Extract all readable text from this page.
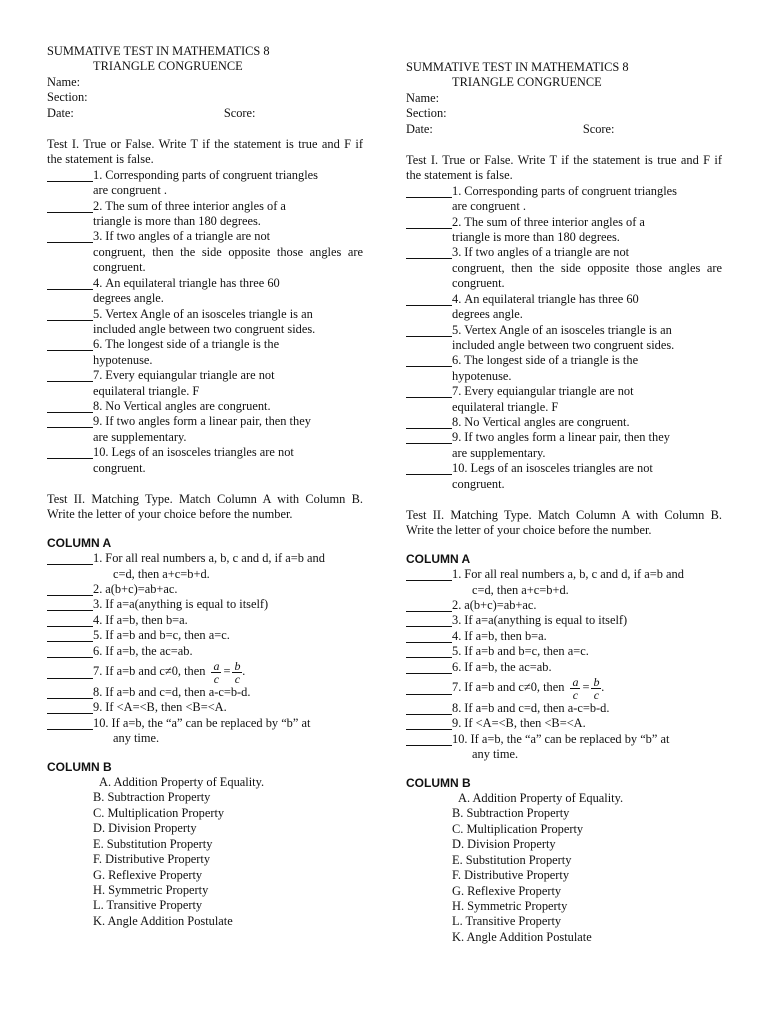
SUMMATIVE TEST IN MATHEMATICS 8
TRIANGLE CONGRUENCE
Name:
Section:
Date:	Score:
Test I. True or False. Write T if the statement is true and F if the statement is false.
1. Corresponding parts of congruent triangles
are congruent .
2. The sum of three interior angles of a
triangle is more than 180 degrees.
3. If two angles of a triangle are not
congruent, then the side opposite those angles are congruent.
4. An equilateral triangle has three 60
degrees angle.
5. Vertex Angle of an isosceles triangle is an
included angle between two congruent sides.
6. The longest side of a triangle is the
hypotenuse.
7. Every equiangular triangle are not
equilateral triangle. F
8. No Vertical angles are congruent.
9. If two angles form a linear pair, then they
are supplementary.
10. Legs of an isosceles triangles are not
congruent.
Test II. Matching Type. Match Column A with Column B. Write the letter of your choice before the number.
COLUMN A
1. For all real numbers a, b, c and d, if a=b and
c=d, then a+c=b+d.
2. a(b+c)=ab+ac.
3. If a=a(anything is equal to itself)
4. If a=b, then b=a.
5. If a=b and b=c, then a=c.
6. If a=b, the ac=ab.
7. If a=b and c≠0, then $\frac{a}{c} = \frac{b}{c}$ .
8. If a=b and c=d, then a-c=b-d.
9. If <A=<B, then <B=<A.
10. If a=b, the “a” can be replaced by “b” at
any time.
COLUMN B
A. Addition Property of Equality.
B. Subtraction Property
C. Multiplication Property
D. Division Property
E. Substitution Property
F. Distributive Property
G. Reflexive Property
H. Symmetric Property
L. Transitive Property
K. Angle Addition Postulate
SUMMATIVE TEST IN MATHEMATICS 8
TRIANGLE CONGRUENCE
Name:
Section:
Date:	Score:
Test I. True or False. Write T if the statement is true and F if the statement is false.
1. Corresponding parts of congruent triangles
are congruent .
2. The sum of three interior angles of a
triangle is more than 180 degrees.
3. If two angles of a triangle are not
congruent, then the side opposite those angles are congruent.
4. An equilateral triangle has three 60
degrees angle.
5. Vertex Angle of an isosceles triangle is an
included angle between two congruent sides.
6. The longest side of a triangle is the
hypotenuse.
7. Every equiangular triangle are not
equilateral triangle. F
8. No Vertical angles are congruent.
9. If two angles form a linear pair, then they
are supplementary.
10. Legs of an isosceles triangles are not
congruent.
Test II. Matching Type. Match Column A with Column B. Write the letter of your choice before the number.
COLUMN A
1. For all real numbers a, b, c and d, if a=b and
c=d, then a+c=b+d.
2. a(b+c)=ab+ac.
3. If a=a(anything is equal to itself)
4. If a=b, then b=a.
5. If a=b and b=c, then a=c.
6. If a=b, the ac=ab.
7. If a=b and c≠0, then $\frac{a}{c} = \frac{b}{c}$ .
8. If a=b and c=d, then a-c=b-d.
9. If <A=<B, then <B=<A.
10. If a=b, the “a” can be replaced by “b” at
any time.
COLUMN B
A. Addition Property of Equality.
B. Subtraction Property
C. Multiplication Property
D. Division Property
E. Substitution Property
F. Distributive Property
G. Reflexive Property
H. Symmetric Property
L. Transitive Property
K. Angle Addition Postulate
